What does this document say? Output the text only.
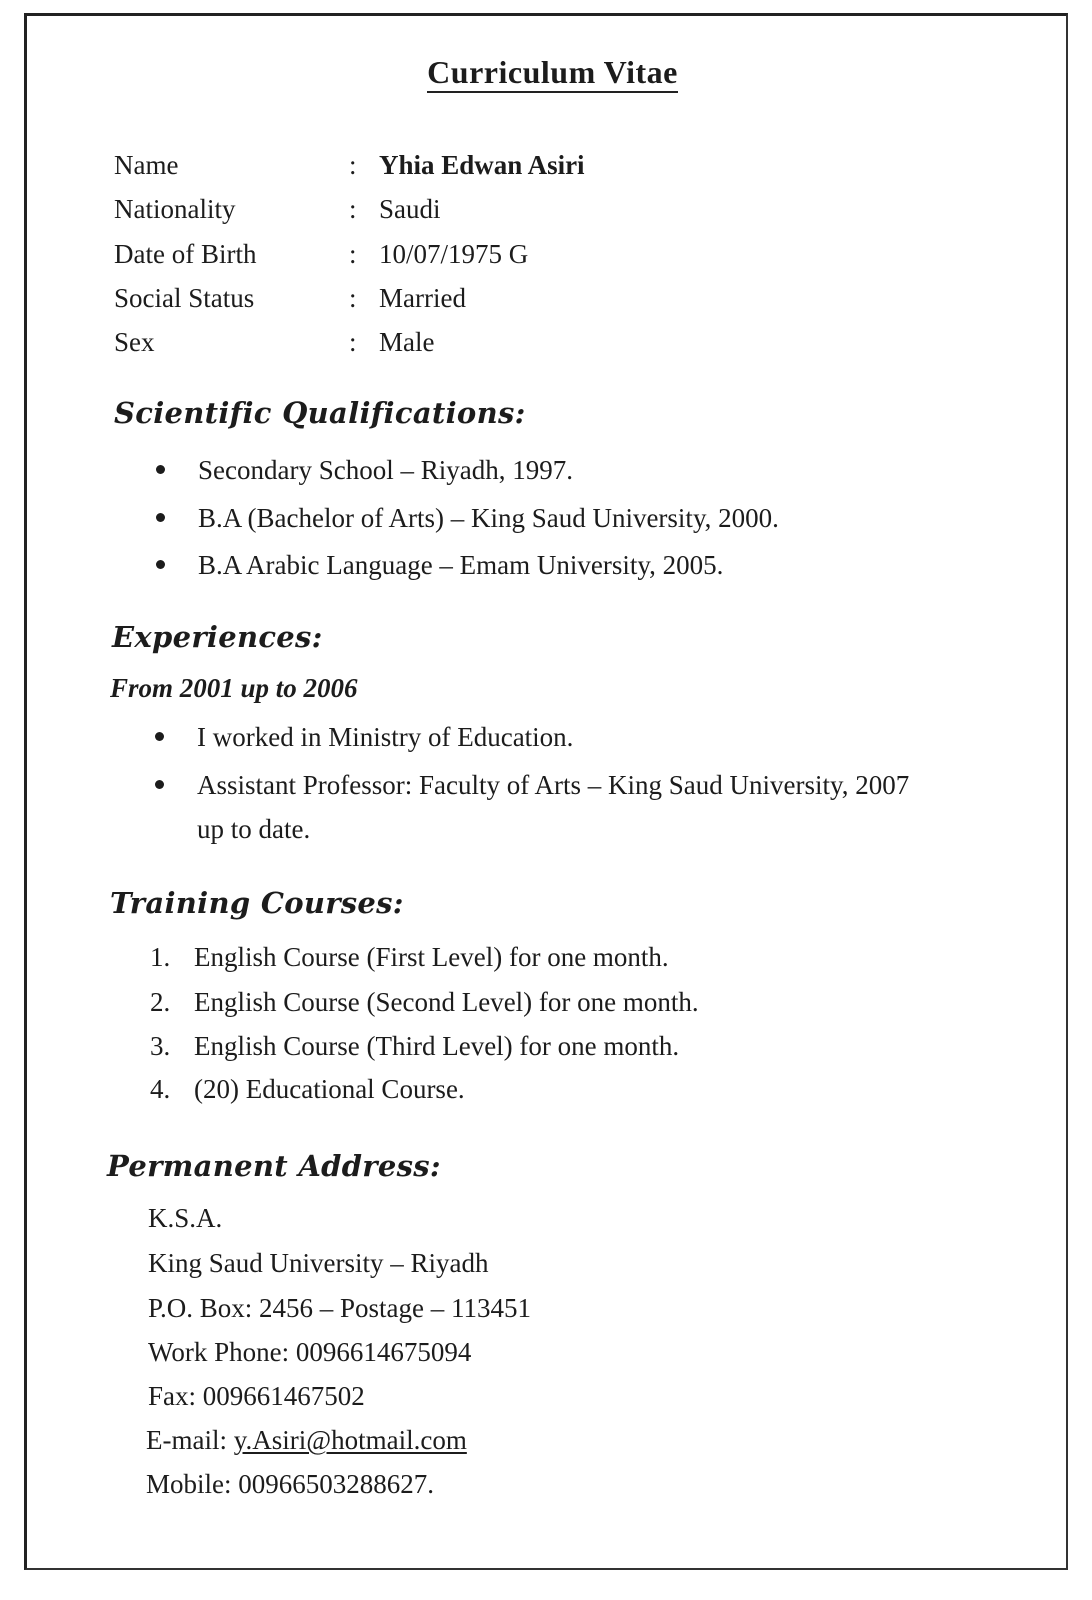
Curriculum Vitae
Name	: Yhia Edwan Asiri
Nationality	: Saudi
Date of Birth	: 10/07/1975 G
Social Status	: Married
Sex	: Male
Scientific Qualifications:
Secondary School – Riyadh, 1997.
B.A (Bachelor of Arts) – King Saud University, 2000.
B.A Arabic Language – Emam University, 2005.
Experiences:
From 2001 up to 2006
I worked in Ministry of Education.
Assistant Professor: Faculty of Arts – King Saud University, 2007
up to date.
Training Courses:
1. English Course (First Level) for one month.
2. English Course (Second Level) for one month.
3. English Course (Third Level) for one month.
4. (20) Educational Course.
Permanent Address:
K.S.A.
King Saud University – Riyadh
P.O. Box: 2456 – Postage – 113451
Work Phone: 0096614675094
Fax: 009661467502
E-mail: y.Asiri@hotmail.com
Mobile: 00966503288627.
